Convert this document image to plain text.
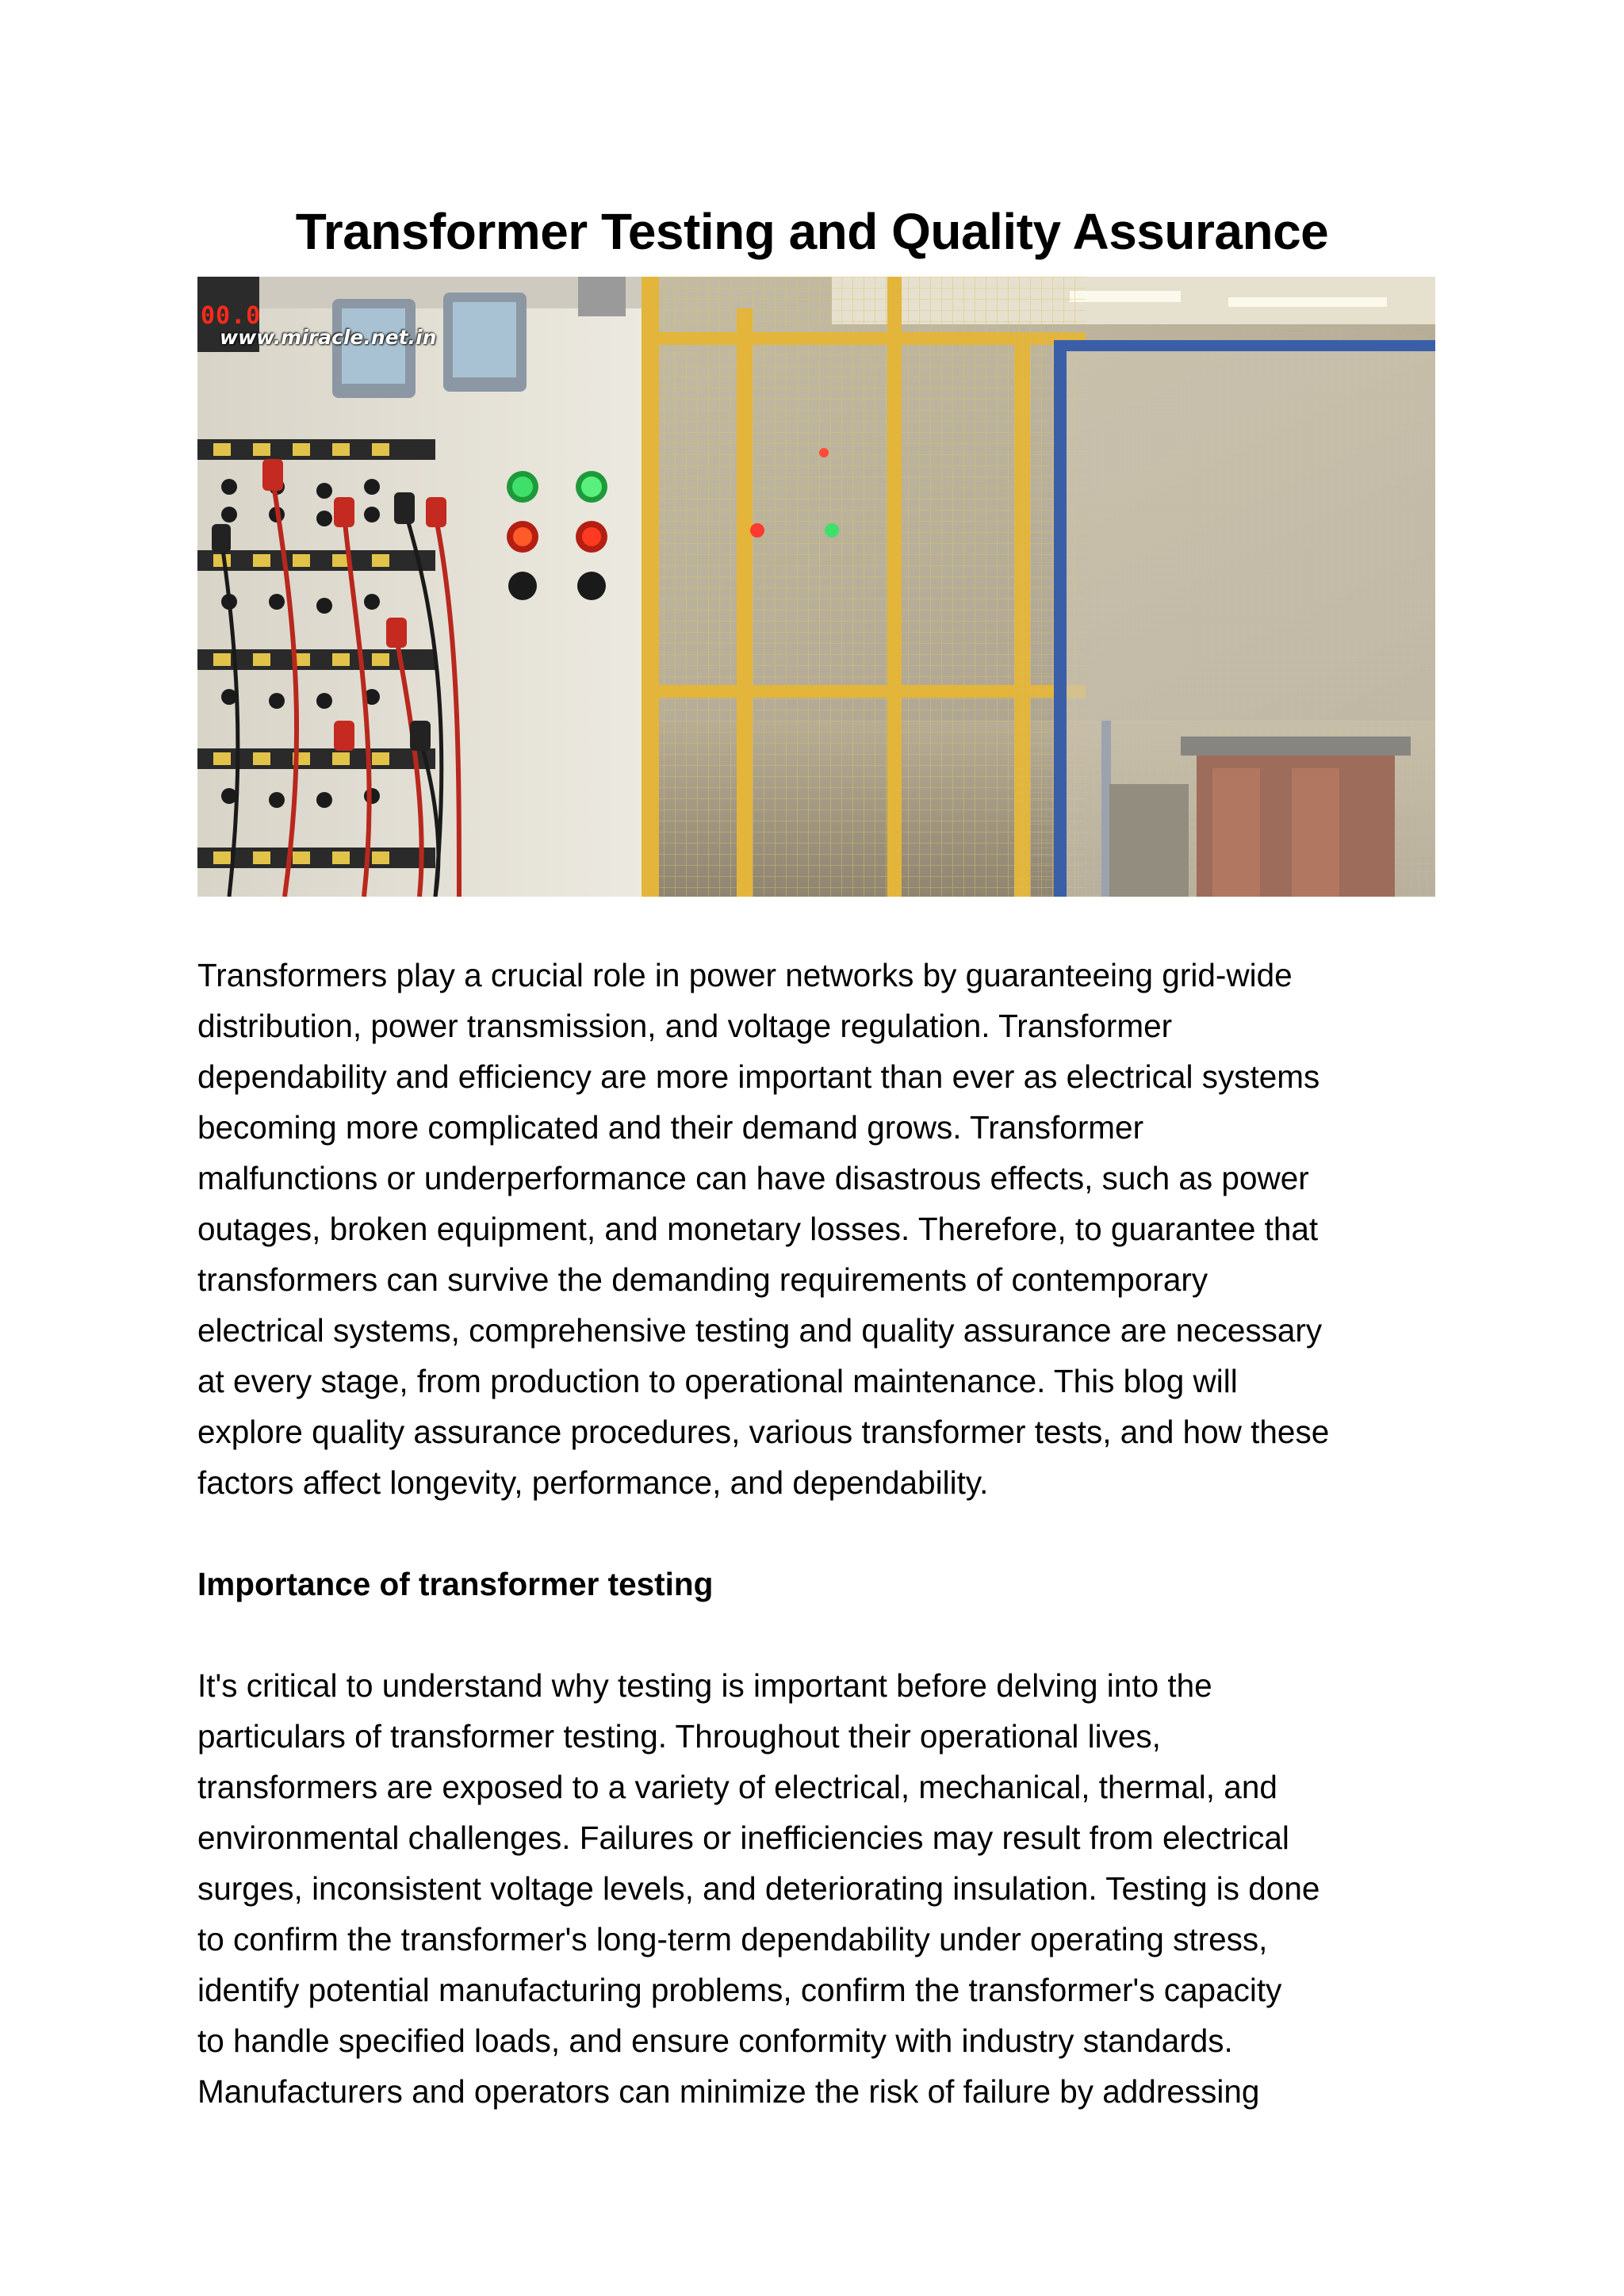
Transformer Testing and Quality Assurance
00.0
www.miracle.net.in

Transformers play a crucial role in power networks by guaranteeing grid-wide
distribution, power transmission, and voltage regulation. Transformer
dependability and efficiency are more important than ever as electrical systems
becoming more complicated and their demand grows. Transformer
malfunctions or underperformance can have disastrous effects, such as power
outages, broken equipment, and monetary losses. Therefore, to guarantee that
transformers can survive the demanding requirements of contemporary
electrical systems, comprehensive testing and quality assurance are necessary
at every stage, from production to operational maintenance. This blog will
explore quality assurance procedures, various transformer tests, and how these
factors affect longevity, performance, and dependability.

Importance of transformer testing

It's critical to understand why testing is important before delving into the
particulars of transformer testing. Throughout their operational lives,
transformers are exposed to a variety of electrical, mechanical, thermal, and
environmental challenges. Failures or inefficiencies may result from electrical
surges, inconsistent voltage levels, and deteriorating insulation. Testing is done
to confirm the transformer's long-term dependability under operating stress,
identify potential manufacturing problems, confirm the transformer's capacity
to handle specified loads, and ensure conformity with industry standards.
Manufacturers and operators can minimize the risk of failure by addressing
